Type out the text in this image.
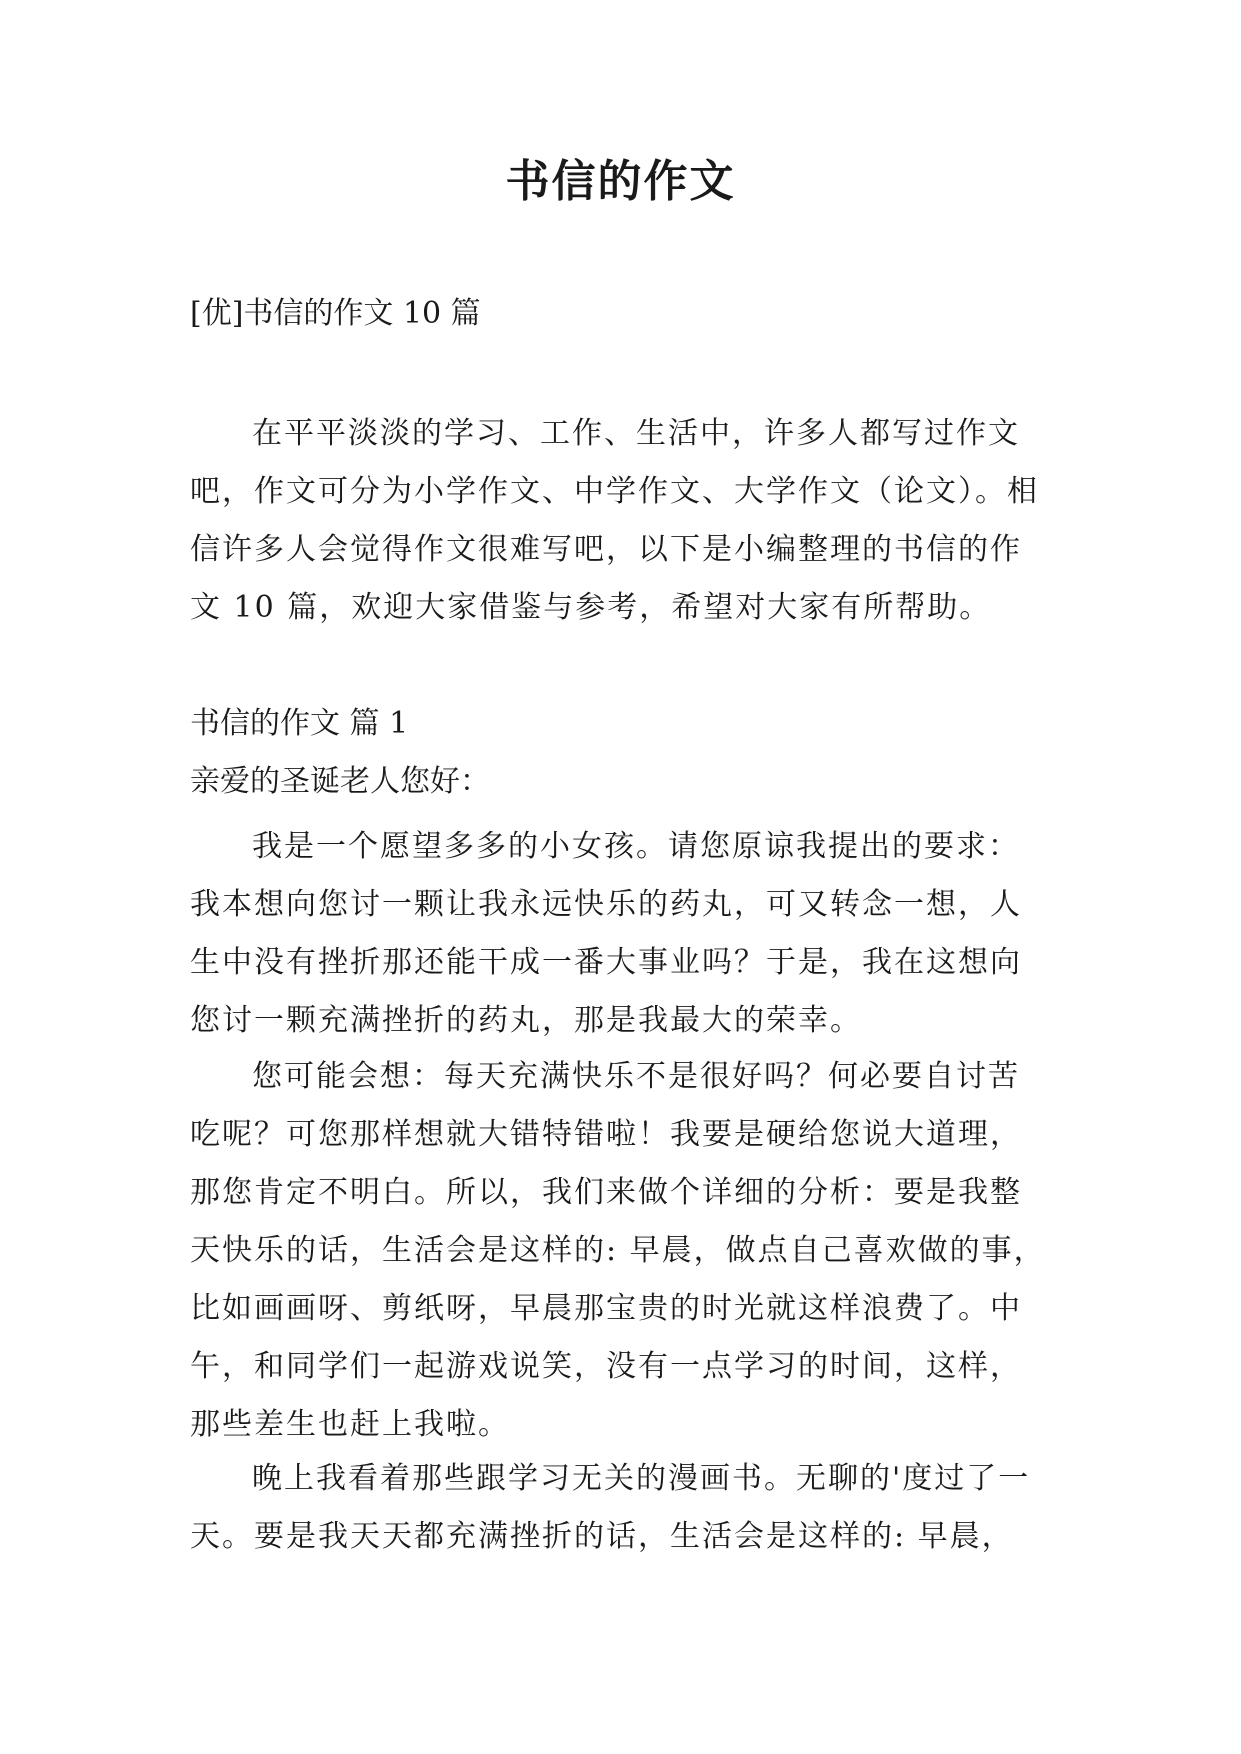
书信的作文

[优]书信的作文 10 篇

在平平淡淡的学习、工作、生活中，许多人都写过作文吧，作文可分为小学作文、中学作文、大学作文（论文）。相信许多人会觉得作文很难写吧，以下是小编整理的书信的作文 10 篇，欢迎大家借鉴与参考，希望对大家有所帮助。

书信的作文 篇 1

亲爱的圣诞老人您好：

我是一个愿望多多的小女孩。请您原谅我提出的要求：我本想向您讨一颗让我永远快乐的药丸，可又转念一想，人生中没有挫折那还能干成一番大事业吗？于是，我在这想向您讨一颗充满挫折的药丸，那是我最大的荣幸。

您可能会想：每天充满快乐不是很好吗？何必要自讨苦吃呢？可您那样想就大错特错啦！我要是硬给您说大道理，那您肯定不明白。所以，我们来做个详细的分析：要是我整天快乐的话，生活会是这样的: 早晨，做点自己喜欢做的事，比如画画呀、剪纸呀，早晨那宝贵的时光就这样浪费了。中午，和同学们一起游戏说笑，没有一点学习的时间，这样，那些差生也赶上我啦。

晚上我看着那些跟学习无关的漫画书。无聊的'度过了一天。要是我天天都充满挫折的话，生活会是这样的: 早晨，
